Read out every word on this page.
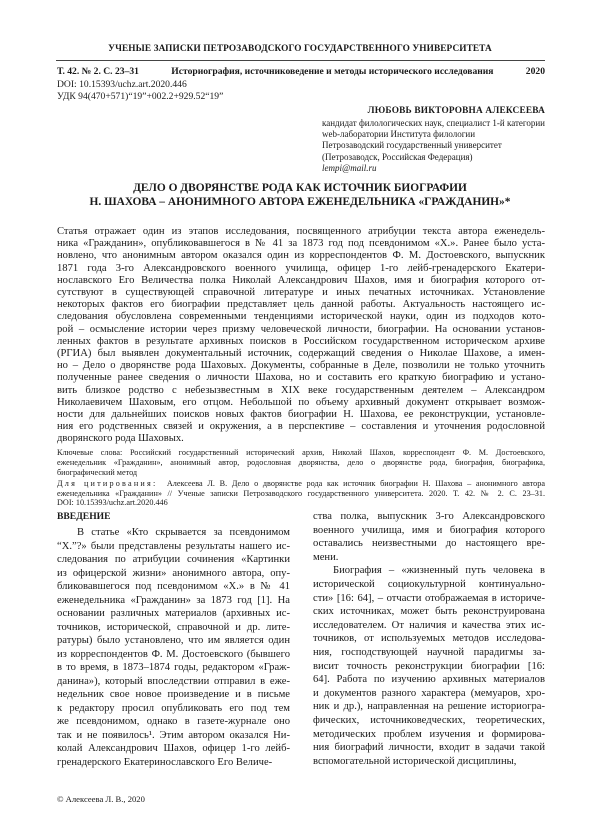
УЧЕНЫЕ ЗАПИСКИ ПЕТРОЗАВОДСКОГО ГОСУДАРСТВЕННОГО УНИВЕРСИТЕТА
Т. 42. № 2. С. 23–31	Историография, источниковедение и методы исторического исследования	2020
DOI: 10.15393/uchz.art.2020.446
УДК 94(470+571)“19”+002.2+929.52“19”
ЛЮБОВЬ ВИКТОРОВНА АЛЕКСЕЕВА
кандидат филологических наук, специалист 1-й категории
web-лаборатории Института филологии
Петрозаводский государственный университет
(Петрозаводск, Российская Федерация)
lempi@mail.ru
ДЕЛО О ДВОРЯНСТВЕ РОДА КАК ИСТОЧНИК БИОГРАФИИ
Н. ШАХОВА – АНОНИМНОГО АВТОРА ЕЖЕНЕДЕЛЬНИКА «ГРАЖДАНИН»*
Статья отражает один из этапов исследования, посвященного атрибуции текста автора еженедель-
ника «Гражданин», опубликовавшегося в № 41 за 1873 год под псевдонимом «Х.». Ранее было уста-
новлено, что анонимным автором оказался один из корреспондентов Ф. М. Достоевского, выпускник
1871 года 3-го Александровского военного училища, офицер 1-го лейб-гренадерского Екатери-
нославского Его Величества полка Николай Александрович Шахов, имя и биография которого от-
сутствуют в существующей справочной литературе и иных печатных источниках. Установление
некоторых фактов его биографии представляет цель данной работы. Актуальность настоящего ис-
следования обусловлена современными тенденциями исторической науки, один из подходов кото-
рой – осмысление истории через призму человеческой личности, биографии. На основании установ-
ленных фактов в результате архивных поисков в Российском государственном историческом архиве
(РГИА) был выявлен документальный источник, содержащий сведения о Николае Шахове, а имен-
но – Дело о дворянстве рода Шаховых. Документы, собранные в Деле, позволили не только уточнить
полученные ранее сведения о личности Шахова, но и составить его краткую биографию и устано-
вить близкое родство с небезызвестным в XIX веке государственным деятелем – Александром
Николаевичем Шаховым, его отцом. Небольшой по объему архивный документ открывает возмож-
ности для дальнейших поисков новых фактов биографии Н. Шахова, ее реконструкции, установле-
ния его родственных связей и окружения, а в перспективе – составления и уточнения родословной
дворянского рода Шаховых.
Ключевые слова: Российский государственный исторический архив, Николай Шахов, корреспондент Ф. М. Достоевского,
еженедельник «Гражданин», анонимный автор, родословная дворянства, дело о дворянстве рода, биография, биографика,
биографический метод
Для цитирования: Алексеева Л. В. Дело о дворянстве рода как источник биографии Н. Шахова – анонимного автора
еженедельника «Гражданин» // Ученые записки Петрозаводского государственного университета. 2020. Т. 42. № 2. С. 23–31.
DOI: 10.15393/uchz.art.2020.446
ВВЕДЕНИЕ
В статье «Кто скрывается за псевдонимом
“Х.”?» были представлены результаты нашего ис-
следования по атрибуции сочинения «Картинки
из офицерской жизни» анонимного автора, опу-
бликовавшегося под псевдонимом «Х.» в № 41
еженедельника «Гражданин» за 1873 год [1]. На
основании различных материалов (архивных ис-
точников, исторической, справочной и др. лите-
ратуры) было установлено, что им является один
из корреспондентов Ф. М. Достоевского (бывшего
в то время, в 1873–1874 годы, редактором «Граж-
данина»), который впоследствии отправил в еже-
недельник свое новое произведение и в письме
к редактору просил опубликовать его под тем
же псевдонимом, однако в газете-журнале оно
так и не появилось¹. Этим автором оказался Ни-
колай Александрович Шахов, офицер 1-го лейб-
гренадерского Екатеринославского Его Величе-
ства полка, выпускник 3-го Александровского
военного училища, имя и биография которого
оставались неизвестными до настоящего вре-
мени.
Биография – «жизненный путь человека в
исторической социокультурной континуально-
сти» [16: 64], – отчасти отображаемая в историче-
ских источниках, может быть реконструирована
исследователем. От наличия и качества этих ис-
точников, от используемых методов исследова-
ния, господствующей научной парадигмы за-
висит точность реконструкции биографии [16:
64]. Работа по изучению архивных материалов
и документов разного характера (мемуаров, хро-
ник и др.), направленная на решение историогра-
фических, источниковедческих, теоретических,
методических проблем изучения и формирова-
ния биографий личности, входит в задачи такой
вспомогательной исторической дисциплины,
© Алексеева Л. В., 2020
